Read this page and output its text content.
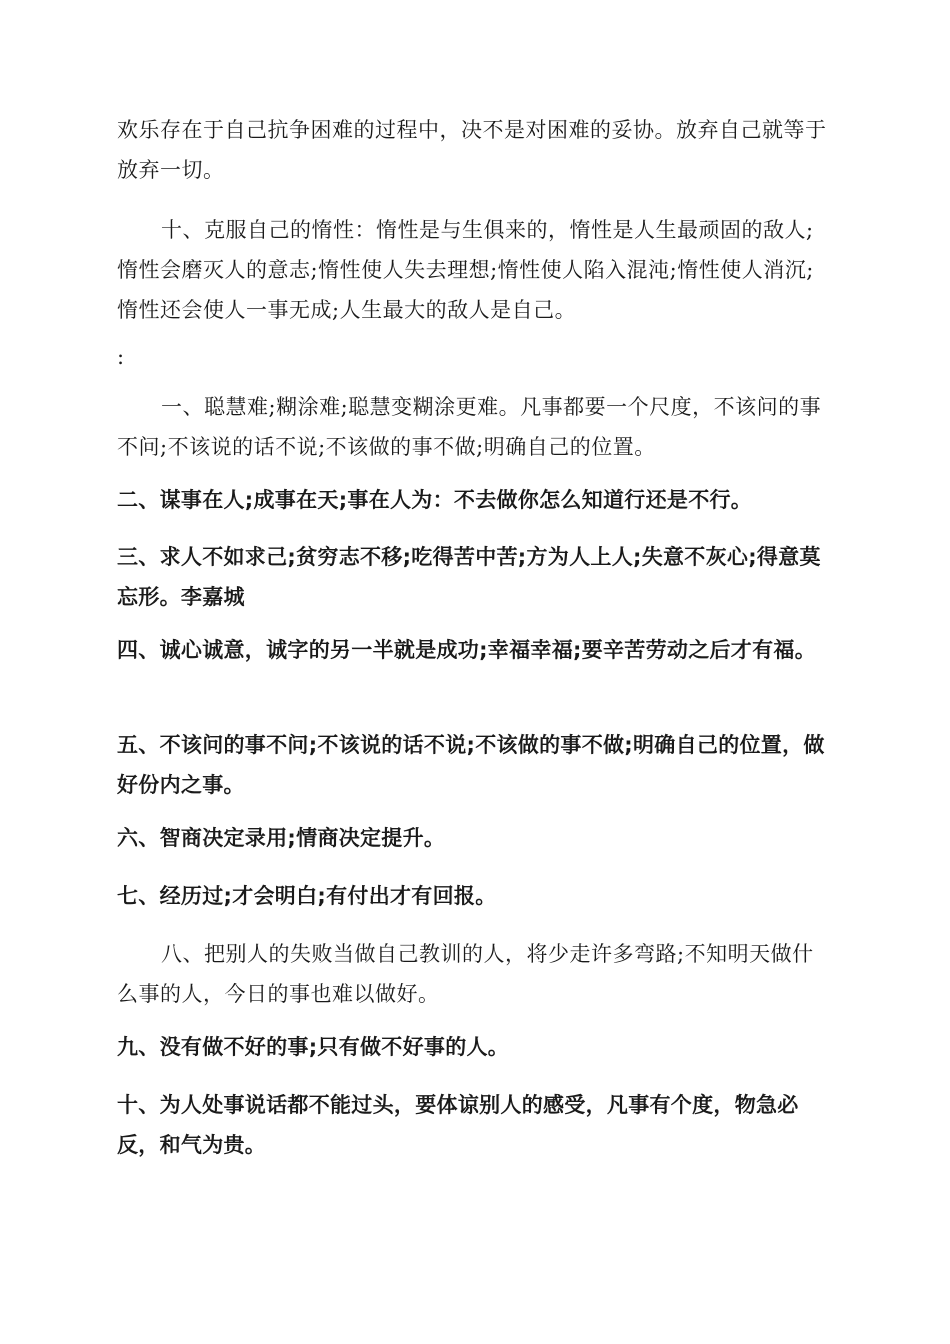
欢乐存在于自己抗争困难的过程中，决不是对困难的妥协。放弃自己就等于放弃一切。

十、克服自己的惰性：惰性是与生俱来的，惰性是人生最顽固的敌人;惰性会磨灭人的意志;惰性使人失去理想;惰性使人陷入混沌;惰性使人消沉;惰性还会使人一事无成;人生最大的敌人是自己。

:

一、聪慧难;糊涂难;聪慧变糊涂更难。凡事都要一个尺度，不该问的事不问;不该说的话不说;不该做的事不做;明确自己的位置。

二、谋事在人;成事在天;事在人为：不去做你怎么知道行还是不行。

三、求人不如求己;贫穷志不移;吃得苦中苦;方为人上人;失意不灰心;得意莫忘形。李嘉城

四、诚心诚意，诚字的另一半就是成功;幸福幸福;要辛苦劳动之后才有福。

五、不该问的事不问;不该说的话不说;不该做的事不做;明确自己的位置，做好份内之事。

六、智商决定录用;情商决定提升。

七、经历过;才会明白;有付出才有回报。

八、把别人的失败当做自己教训的人，将少走许多弯路;不知明天做什么事的人，今日的事也难以做好。

九、没有做不好的事;只有做不好事的人。

十、为人处事说话都不能过头，要体谅别人的感受，凡事有个度，物急必反，和气为贵。
